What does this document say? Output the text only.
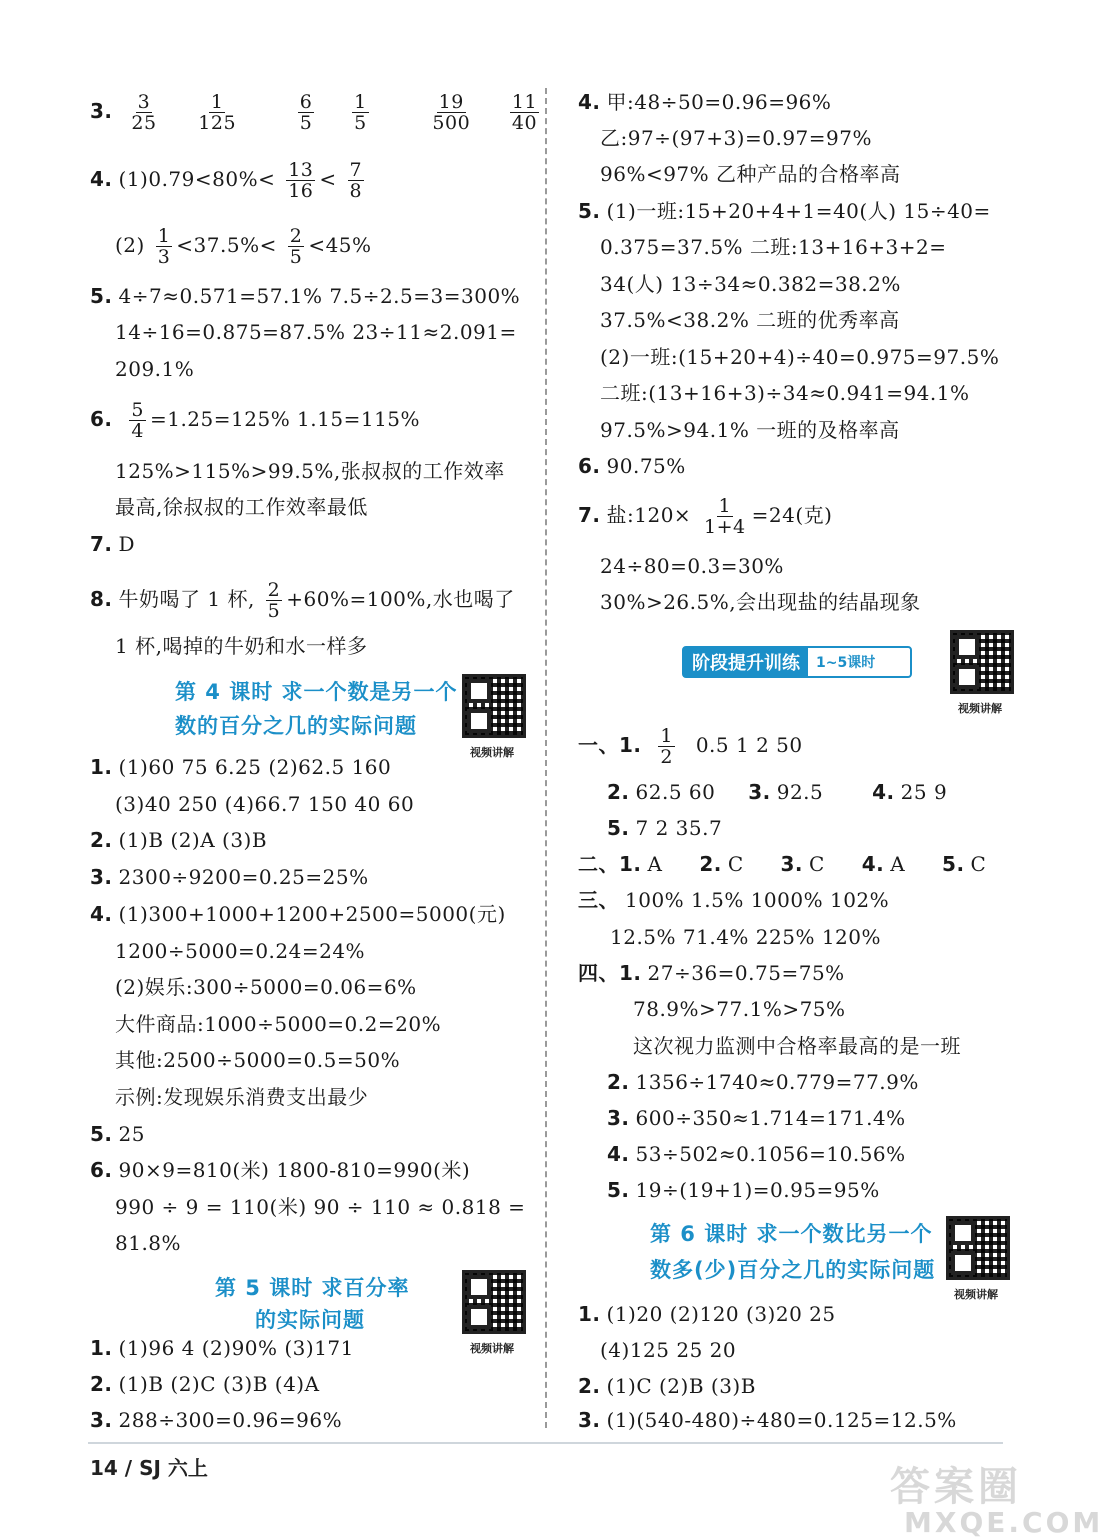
3. $\frac{3}{25}$
$\frac{1}{125}$
	$\frac{6}{5}$
$\frac{1}{5}$
	$\frac{19}{500}$
$\frac{11}{40}$
4. $(1)0.79<80\%< \frac{13}{16} < \frac{7}{8}$
$(2) \frac{1}{3} <37.5\%< \frac{2}{5} <45\%$
5. 4÷7≈0.571=57.1% 7.5÷2.5=3=300%
14÷16=0.875=87.5% 23÷11≈2.091=
209.1%
6. $\frac{5}{4} =1.25=125\%$ 1.15=115%
125%>115%>99.5%,张叔叔的工作效率
最高,徐叔叔的工作效率最低
7. D
8. 牛奶喝了 1 杯, $\frac{2}{5} +60\%=100\%$,水也喝了
1 杯,喝掉的牛奶和水一样多
第 4 课时 求一个数是另一个
数的百分之几的实际问题
视频讲解
1. (1)60 75 6.25 (2)62.5 160
(3)40 250 (4)66.7 150 40 60
2. (1)B (2)A (3)B
3. 2300÷9200=0.25=25%
4. (1)300+1000+1200+2500=5000(元)
1200÷5000=0.24=24%
(2)娱乐:300÷5000=0.06=6%
大件商品:1000÷5000=0.2=20%
其他:2500÷5000=0.5=50%
示例:发现娱乐消费支出最少
5. 25
6. 90×9=810(米) 1800-810=990(米)
990 ÷ 9 = 110(米) 90 ÷ 110 ≈ 0.818 =
81.8%
第 5 课时 求百分率
的实际问题
视频讲解
1. (1)96 4 (2)90% (3)171
2. (1)B (2)C (3)B (4)A
3. 288÷300=0.96=96%
4. 甲:48÷50=0.96=96%
乙:97÷(97+3)=0.97=97%
96%<97% 乙种产品的合格率高
5. (1)一班:15+20+4+1=40(人) 15÷40=
0.375=37.5% 二班:13+16+3+2=
34(人) 13÷34≈0.382=38.2%
37.5%<38.2% 二班的优秀率高
(2)一班:(15+20+4)÷40=0.975=97.5%
二班:(13+16+3)÷34≈0.941=94.1%
97.5%>94.1% 一班的及格率高
6. 90.75%
7. 盐:120× $\frac{1}{1+4} =24$(克)
24÷80=0.3=30%
30%>26.5%,会出现盐的结晶现象
阶段提升训练	1~5课时
视频讲解
一、1. $\frac{1}{2} 0.5$ 1 2 50
2. 62.5 60 3. 92.5 4. 25 9
5. 7 2 35.7
二、1. A 2. C 3. C 4. A 5. C
三、 100% 1.5% 1000% 102%
12.5% 71.4% 225% 120%
四、1. 27÷36=0.75=75%
78.9%>77.1%>75%
这次视力监测中合格率最高的是一班
2. 1356÷1740≈0.779=77.9%
3. 600÷350≈1.714=171.4%
4. 53÷502≈0.1056=10.56%
5. 19÷(19+1)=0.95=95%
第 6 课时 求一个数比另一个
数多(少)百分之几的实际问题
视频讲解
1. (1)20 (2)120 (3)20 25
(4)125 25 20
2. (1)C (2)B (3)B
3. (1)(540-480)÷480=0.125=12.5%
14 / SJ 六上	答案圈
MXQE.COM
